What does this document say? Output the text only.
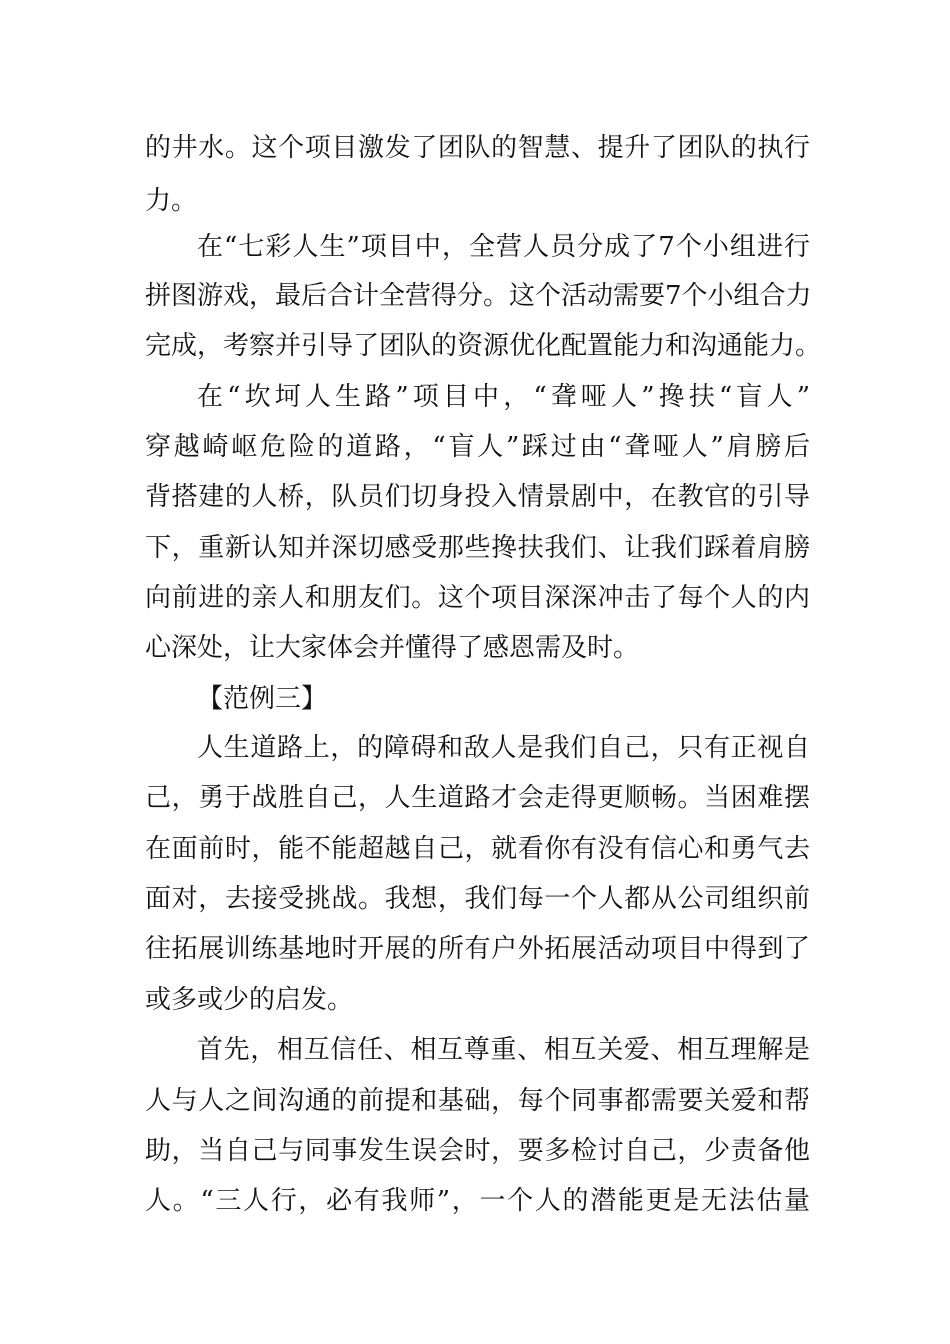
的井水。这个项目激发了团队的智慧、提升了团队的执行
力。
在“七彩人生”项目中，全营人员分成了7个小组进行
拼图游戏，最后合计全营得分。这个活动需要7个小组合力
完成，考察并引导了团队的资源优化配置能力和沟通能力。
在“坎坷人生路”项目中，“聋哑人”搀扶“盲人”
穿越崎岖危险的道路，“盲人”踩过由“聋哑人”肩膀后
背搭建的人桥，队员们切身投入情景剧中，在教官的引导
下，重新认知并深切感受那些搀扶我们、让我们踩着肩膀
向前进的亲人和朋友们。这个项目深深冲击了每个人的内
心深处，让大家体会并懂得了感恩需及时。
【范例三】
人生道路上，的障碍和敌人是我们自己，只有正视自
己，勇于战胜自己，人生道路才会走得更顺畅。当困难摆
在面前时，能不能超越自己，就看你有没有信心和勇气去
面对，去接受挑战。我想，我们每一个人都从公司组织前
往拓展训练基地时开展的所有户外拓展活动项目中得到了
或多或少的启发。
首先，相互信任、相互尊重、相互关爱、相互理解是
人与人之间沟通的前提和基础，每个同事都需要关爱和帮
助，当自己与同事发生误会时，要多检讨自己，少责备他
人。“三人行，必有我师”，一个人的潜能更是无法估量
